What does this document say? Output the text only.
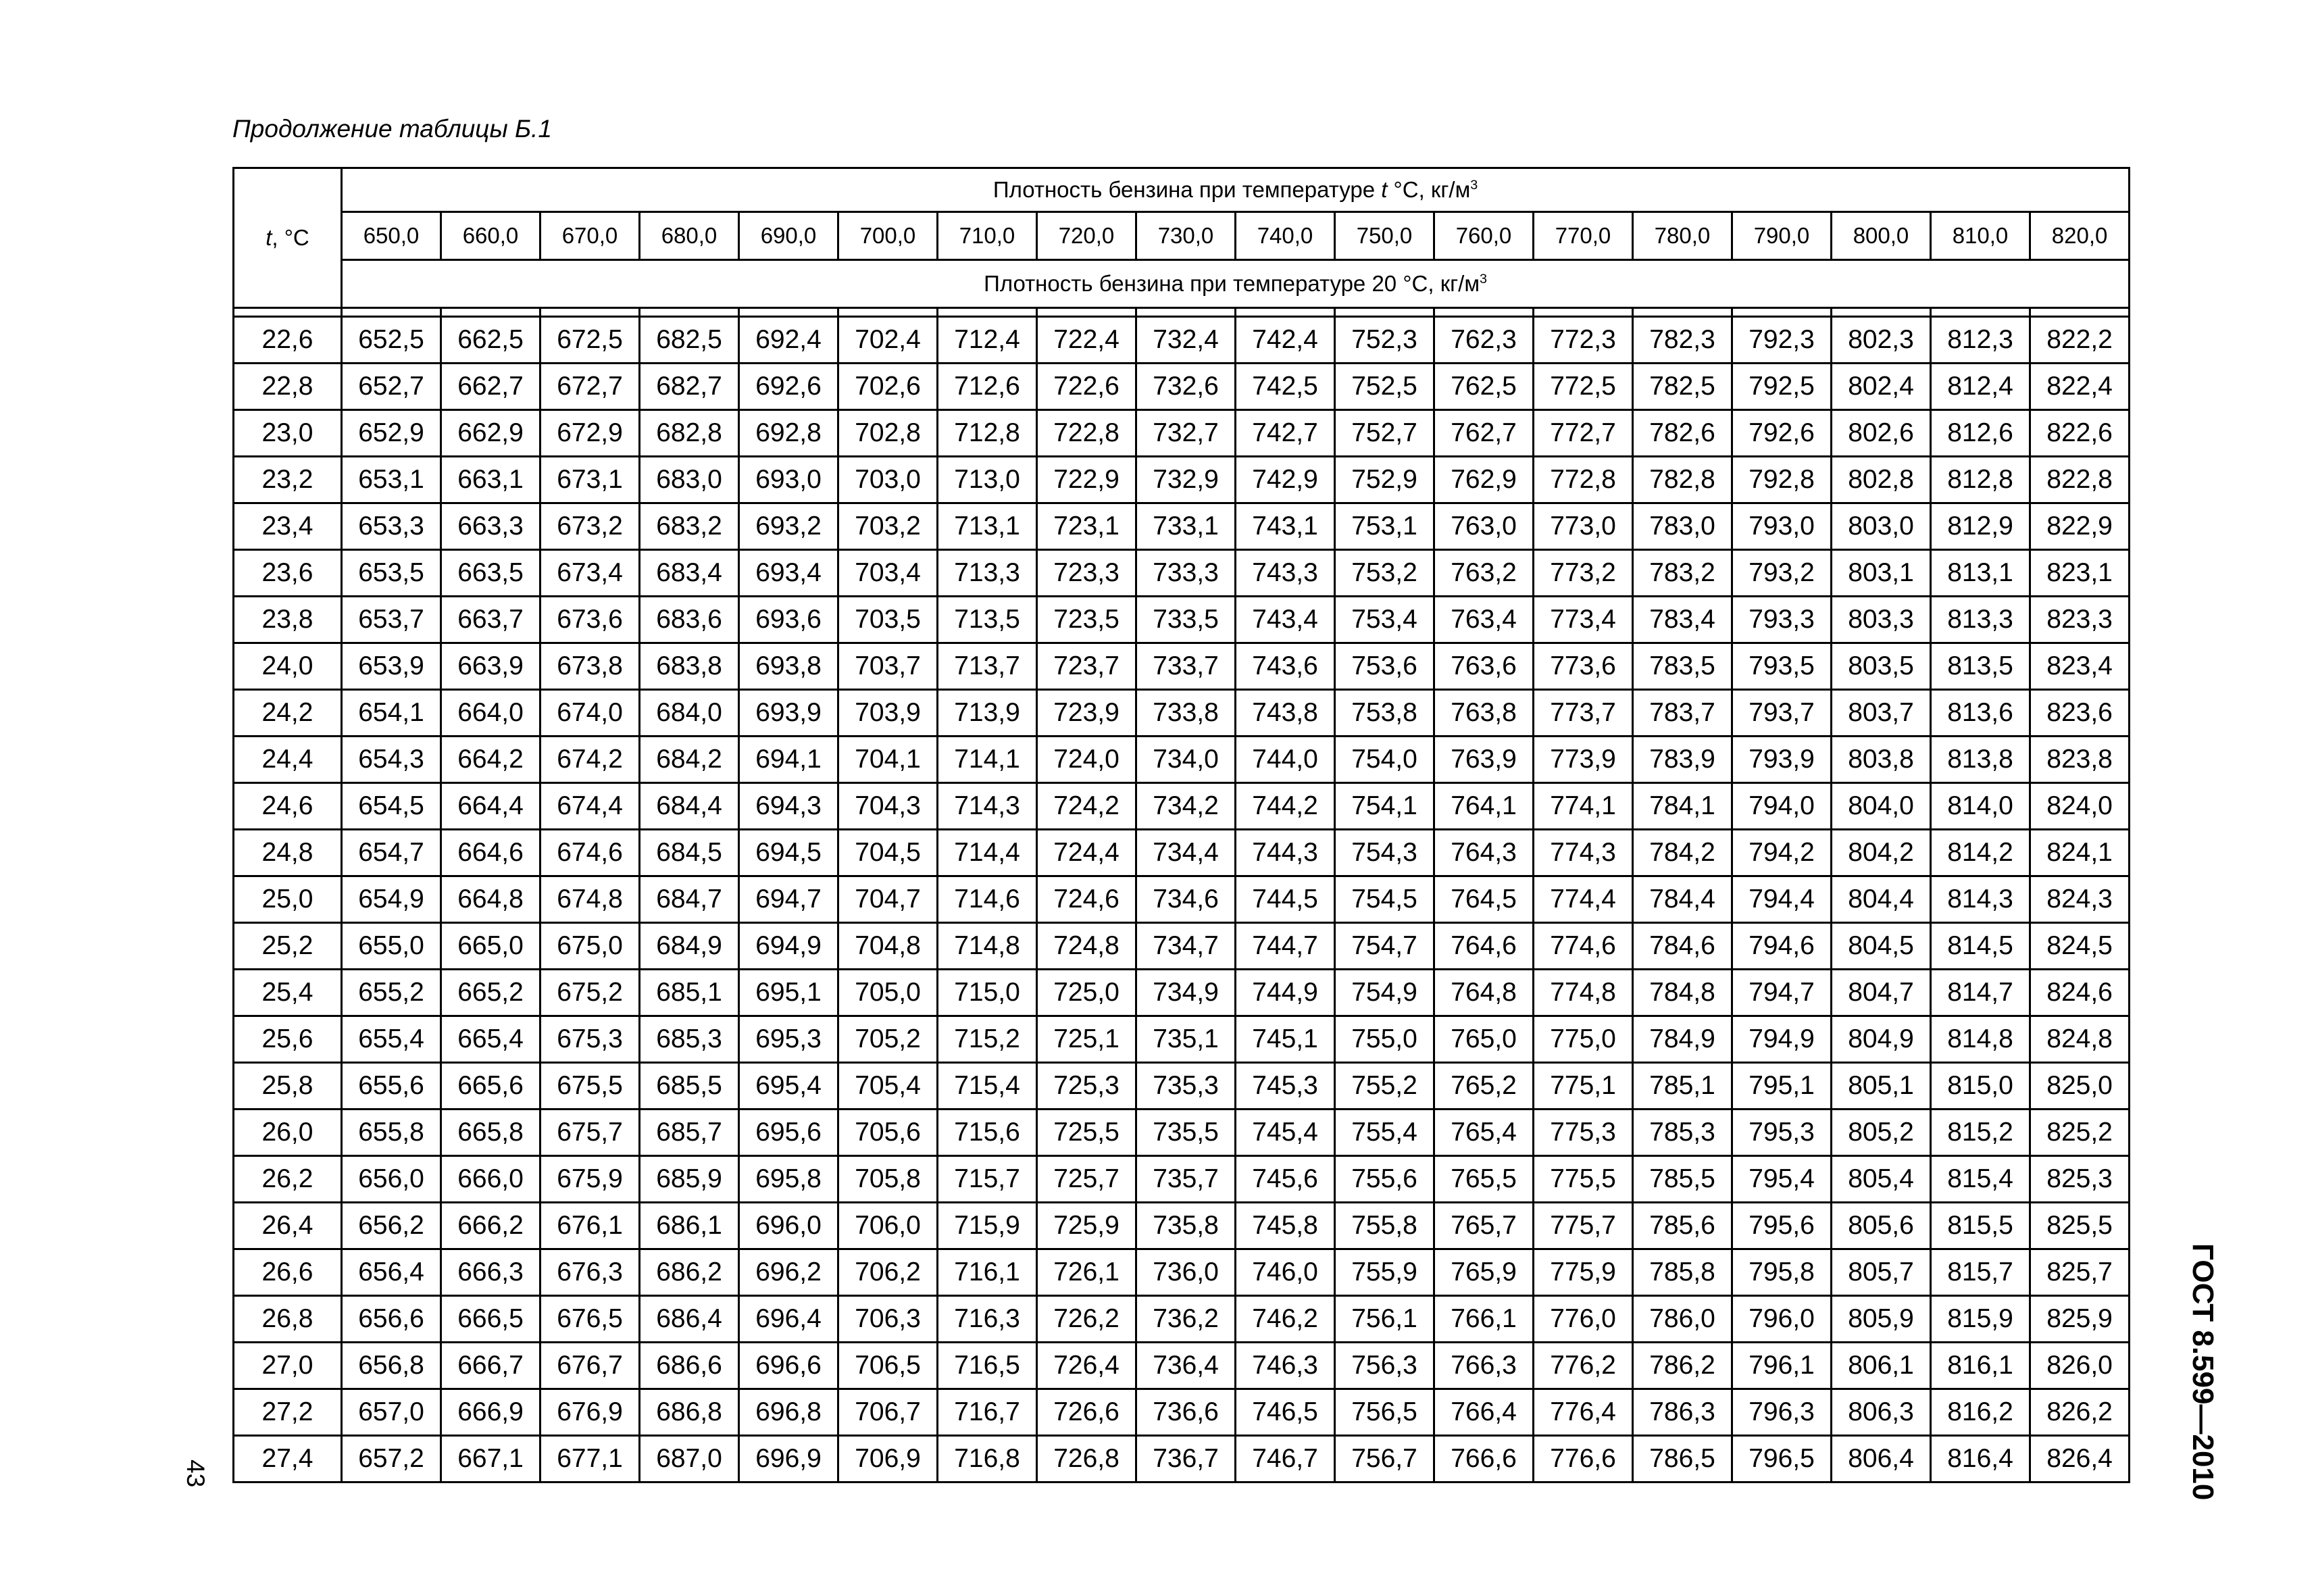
Продолжение таблицы Б.1
t, °C	Плотность бензина при температуре t °С, $кг/м^3$
	650,0	660,0	670,0	680,0	690,0	700,0	710,0	720,0	730,0	740,0	750,0	760,0	770,0	780,0	790,0	800,0	810,0	820,0
	Плотность бензина при температуре 20 °С, $кг/м^3$

22,6	652,5	662,5	672,5	682,5	692,4	702,4	712,4	722,4	732,4	742,4	752,3	762,3	772,3	782,3	792,3	802,3	812,3	822,2
22,8	652,7	662,7	672,7	682,7	692,6	702,6	712,6	722,6	732,6	742,5	752,5	762,5	772,5	782,5	792,5	802,4	812,4	822,4
23,0	652,9	662,9	672,9	682,8	692,8	702,8	712,8	722,8	732,7	742,7	752,7	762,7	772,7	782,6	792,6	802,6	812,6	822,6
23,2	653,1	663,1	673,1	683,0	693,0	703,0	713,0	722,9	732,9	742,9	752,9	762,9	772,8	782,8	792,8	802,8	812,8	822,8
23,4	653,3	663,3	673,2	683,2	693,2	703,2	713,1	723,1	733,1	743,1	753,1	763,0	773,0	783,0	793,0	803,0	812,9	822,9
23,6	653,5	663,5	673,4	683,4	693,4	703,4	713,3	723,3	733,3	743,3	753,2	763,2	773,2	783,2	793,2	803,1	813,1	823,1
23,8	653,7	663,7	673,6	683,6	693,6	703,5	713,5	723,5	733,5	743,4	753,4	763,4	773,4	783,4	793,3	803,3	813,3	823,3
24,0	653,9	663,9	673,8	683,8	693,8	703,7	713,7	723,7	733,7	743,6	753,6	763,6	773,6	783,5	793,5	803,5	813,5	823,4
24,2	654,1	664,0	674,0	684,0	693,9	703,9	713,9	723,9	733,8	743,8	753,8	763,8	773,7	783,7	793,7	803,7	813,6	823,6
24,4	654,3	664,2	674,2	684,2	694,1	704,1	714,1	724,0	734,0	744,0	754,0	763,9	773,9	783,9	793,9	803,8	813,8	823,8
24,6	654,5	664,4	674,4	684,4	694,3	704,3	714,3	724,2	734,2	744,2	754,1	764,1	774,1	784,1	794,0	804,0	814,0	824,0
24,8	654,7	664,6	674,6	684,5	694,5	704,5	714,4	724,4	734,4	744,3	754,3	764,3	774,3	784,2	794,2	804,2	814,2	824,1
25,0	654,9	664,8	674,8	684,7	694,7	704,7	714,6	724,6	734,6	744,5	754,5	764,5	774,4	784,4	794,4	804,4	814,3	824,3
25,2	655,0	665,0	675,0	684,9	694,9	704,8	714,8	724,8	734,7	744,7	754,7	764,6	774,6	784,6	794,6	804,5	814,5	824,5
25,4	655,2	665,2	675,2	685,1	695,1	705,0	715,0	725,0	734,9	744,9	754,9	764,8	774,8	784,8	794,7	804,7	814,7	824,6
25,6	655,4	665,4	675,3	685,3	695,3	705,2	715,2	725,1	735,1	745,1	755,0	765,0	775,0	784,9	794,9	804,9	814,8	824,8
25,8	655,6	665,6	675,5	685,5	695,4	705,4	715,4	725,3	735,3	745,3	755,2	765,2	775,1	785,1	795,1	805,1	815,0	825,0
26,0	655,8	665,8	675,7	685,7	695,6	705,6	715,6	725,5	735,5	745,4	755,4	765,4	775,3	785,3	795,3	805,2	815,2	825,2
26,2	656,0	666,0	675,9	685,9	695,8	705,8	715,7	725,7	735,7	745,6	755,6	765,5	775,5	785,5	795,4	805,4	815,4	825,3
26,4	656,2	666,2	676,1	686,1	696,0	706,0	715,9	725,9	735,8	745,8	755,8	765,7	775,7	785,6	795,6	805,6	815,5	825,5
26,6	656,4	666,3	676,3	686,2	696,2	706,2	716,1	726,1	736,0	746,0	755,9	765,9	775,9	785,8	795,8	805,7	815,7	825,7
26,8	656,6	666,5	676,5	686,4	696,4	706,3	716,3	726,2	736,2	746,2	756,1	766,1	776,0	786,0	796,0	805,9	815,9	825,9
27,0	656,8	666,7	676,7	686,6	696,6	706,5	716,5	726,4	736,4	746,3	756,3	766,3	776,2	786,2	796,1	806,1	816,1	826,0
27,2	657,0	666,9	676,9	686,8	696,8	706,7	716,7	726,6	736,6	746,5	756,5	766,4	776,4	786,3	796,3	806,3	816,2	826,2
27,4	657,2	667,1	677,1	687,0	696,9	706,9	716,8	726,8	736,7	746,7	756,7	766,6	776,6	786,5	796,5	806,4	816,4	826,4 ГОСТ 8.599—2010
43
